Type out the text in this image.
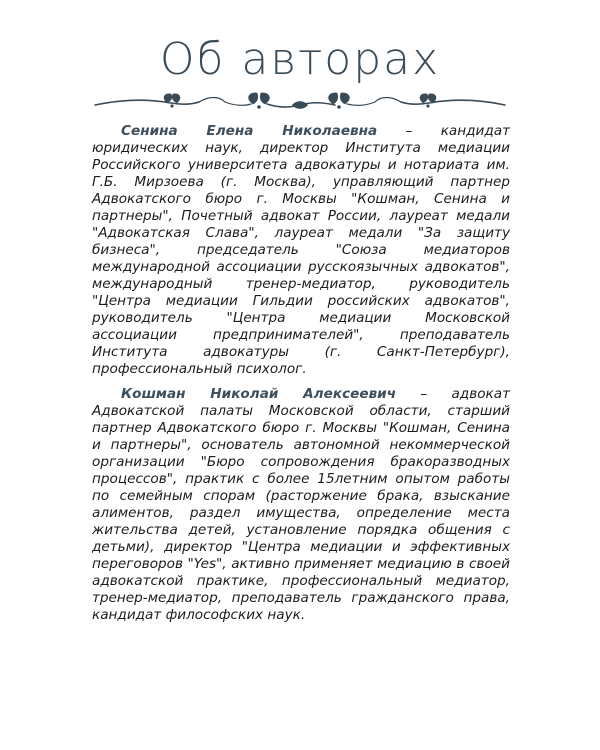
Об авторах

Сенина Елена Николаевна – кандидат юридических наук, директор Института медиации Российского университета адвокатуры и нотариата им. Г.Б. Мирзоева (г. Москва), управляющий партнер Адвокатского бюро г. Москвы "Кошман, Сенина и партнеры", Почетный адвокат России, лауреат медали "Адвокатская Слава", лауреат медали "За защиту бизнеса", председатель "Союза медиаторов международной ассоциации русскоязычных адвокатов", международный тренер-медиатор, руководитель "Центра медиации Гильдии российских адвокатов", руководитель "Центра медиации Московской ассоциации предпринимателей", преподаватель Института адвокатуры (г. Санкт-Петербург), профессиональный психолог.

Кошман Николай Алексеевич – адвокат Адвокатской палаты Московской области, старший партнер Адвокатского бюро г. Москвы "Кошман, Сенина и партнеры", основатель автономной некоммерческой организации "Бюро сопровождения бракоразводных процессов", практик с более 15летним опытом работы по семейным спорам (расторжение брака, взыскание алиментов, раздел имущества, определение места жительства детей, установление порядка общения с детьми), директор "Центра медиации и эффективных переговоров "Yes", активно применяет медиацию в своей адвокатской практике, профессиональный медиатор, тренер-медиатор, преподаватель гражданского права, кандидат философских наук.
